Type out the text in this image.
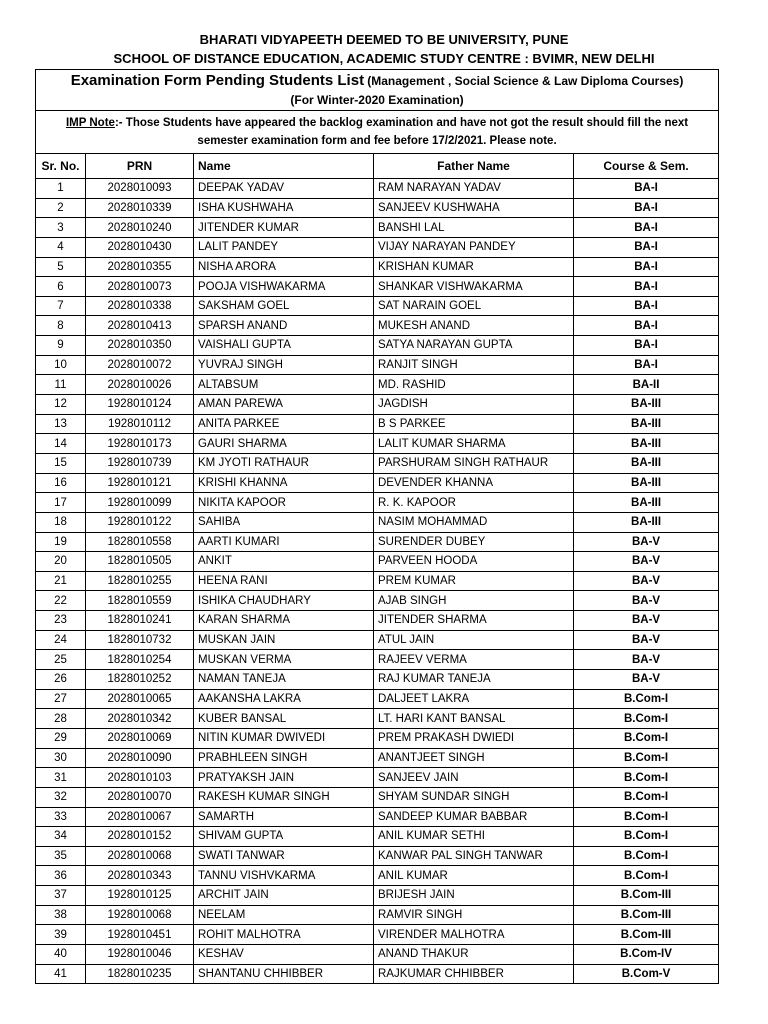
BHARATI VIDYAPEETH DEEMED TO BE UNIVERSITY, PUNE
SCHOOL OF DISTANCE EDUCATION, ACADEMIC STUDY CENTRE : BVIMR, NEW DELHI
Examination Form Pending Students List (Management , Social Science & Law Diploma Courses)
(For Winter-2020 Examination)				
IMP Note:- Those Students have appeared the backlog examination and have not got the result should fill the next semester examination form and fee before 17/2/2021. Please note.				
Sr. No.	PRN	Name	Father Name	Course & Sem.
1	2028010093	DEEPAK YADAV	RAM NARAYAN YADAV	BA-I
2	2028010339	ISHA KUSHWAHA	SANJEEV KUSHWAHA	BA-I
3	2028010240	JITENDER KUMAR	BANSHI LAL	BA-I
4	2028010430	LALIT PANDEY	VIJAY NARAYAN PANDEY	BA-I
5	2028010355	NISHA ARORA	KRISHAN KUMAR	BA-I
6	2028010073	POOJA VISHWAKARMA	SHANKAR VISHWAKARMA	BA-I
7	2028010338	SAKSHAM GOEL	SAT NARAIN GOEL	BA-I
8	2028010413	SPARSH ANAND	MUKESH ANAND	BA-I
9	2028010350	VAISHALI GUPTA	SATYA NARAYAN GUPTA	BA-I
10	2028010072	YUVRAJ SINGH	RANJIT SINGH	BA-I
11	2028010026	ALTABSUM	MD. RASHID	BA-II
12	1928010124	AMAN PAREWA	JAGDISH	BA-III
13	1928010112	ANITA PARKEE	B S PARKEE	BA-III
14	1928010173	GAURI SHARMA	LALIT KUMAR SHARMA	BA-III
15	1928010739	KM JYOTI RATHAUR	PARSHURAM SINGH RATHAUR	BA-III
16	1928010121	KRISHI KHANNA	DEVENDER KHANNA	BA-III
17	1928010099	NIKITA KAPOOR	R. K. KAPOOR	BA-III
18	1928010122	SAHIBA	NASIM MOHAMMAD	BA-III
19	1828010558	AARTI KUMARI	SURENDER DUBEY	BA-V
20	1828010505	ANKIT	PARVEEN HOODA	BA-V
21	1828010255	HEENA RANI	PREM KUMAR	BA-V
22	1828010559	ISHIKA CHAUDHARY	AJAB SINGH	BA-V
23	1828010241	KARAN SHARMA	JITENDER SHARMA	BA-V
24	1828010732	MUSKAN JAIN	ATUL JAIN	BA-V
25	1828010254	MUSKAN VERMA	RAJEEV VERMA	BA-V
26	1828010252	NAMAN TANEJA	RAJ KUMAR TANEJA	BA-V
27	2028010065	AAKANSHA LAKRA	DALJEET LAKRA	B.Com-I
28	2028010342	KUBER BANSAL	LT. HARI KANT BANSAL	B.Com-I
29	2028010069	NITIN KUMAR DWIVEDI	PREM PRAKASH DWIEDI	B.Com-I
30	2028010090	PRABHLEEN SINGH	ANANTJEET SINGH	B.Com-I
31	2028010103	PRATYAKSH JAIN	SANJEEV JAIN	B.Com-I
32	2028010070	RAKESH KUMAR SINGH	SHYAM SUNDAR SINGH	B.Com-I
33	2028010067	SAMARTH	SANDEEP KUMAR BABBAR	B.Com-I
34	2028010152	SHIVAM GUPTA	ANIL KUMAR SETHI	B.Com-I
35	2028010068	SWATI TANWAR	KANWAR PAL SINGH TANWAR	B.Com-I
36	2028010343	TANNU VISHVKARMA	ANIL KUMAR	B.Com-I
37	1928010125	ARCHIT JAIN	BRIJESH JAIN	B.Com-III
38	1928010068	NEELAM	RAMVIR SINGH	B.Com-III
39	1928010451	ROHIT MALHOTRA	VIRENDER MALHOTRA	B.Com-III
40	1928010046	KESHAV	ANAND THAKUR	B.Com-IV
41	1828010235	SHANTANU CHHIBBER	RAJKUMAR CHHIBBER	B.Com-V
